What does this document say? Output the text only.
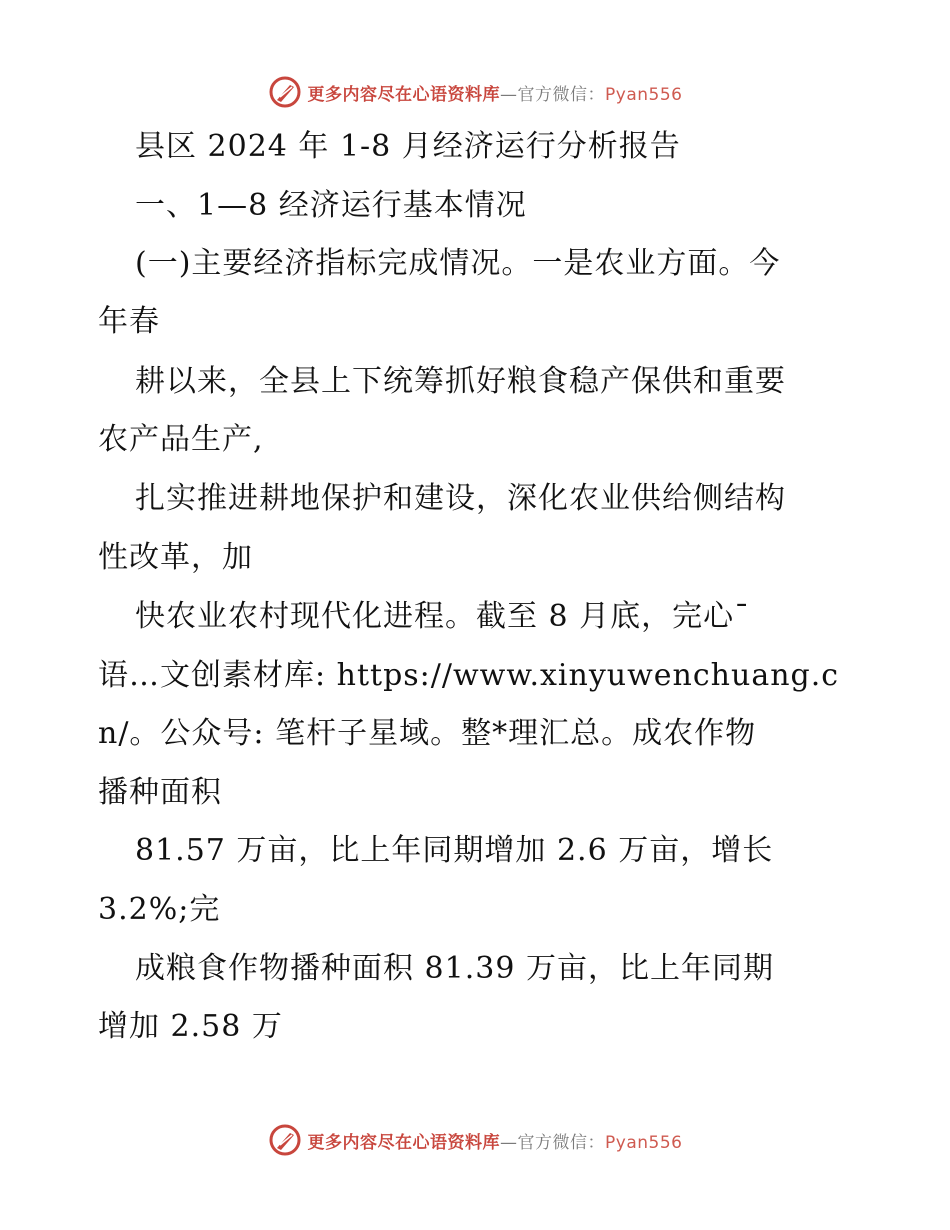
更多内容尽在心语资料库—官方微信：Pyan556
县区 2024 年 1-8 月经济运行分析报告
一、1—8 经济运行基本情况
(一)主要经济指标完成情况。一是农业方面。今
年春
耕以来，全县上下统筹抓好粮食稳产保供和重要
农产品生产,
扎实推进耕地保护和建设，深化农业供给侧结构
性改革，加
快农业农村现代化进程。截至 8 月底，完心¯
语…文创素材库: https://www.xinyuwenchuang.c
n/。公众号: 笔杆子星域。整*理汇总。成农作物
播种面积
81.57 万亩，比上年同期增加 2.6 万亩，增长
3.2%;完
成粮食作物播种面积 81.39 万亩，比上年同期
增加 2.58 万
更多内容尽在心语资料库—官方微信：Pyan556
